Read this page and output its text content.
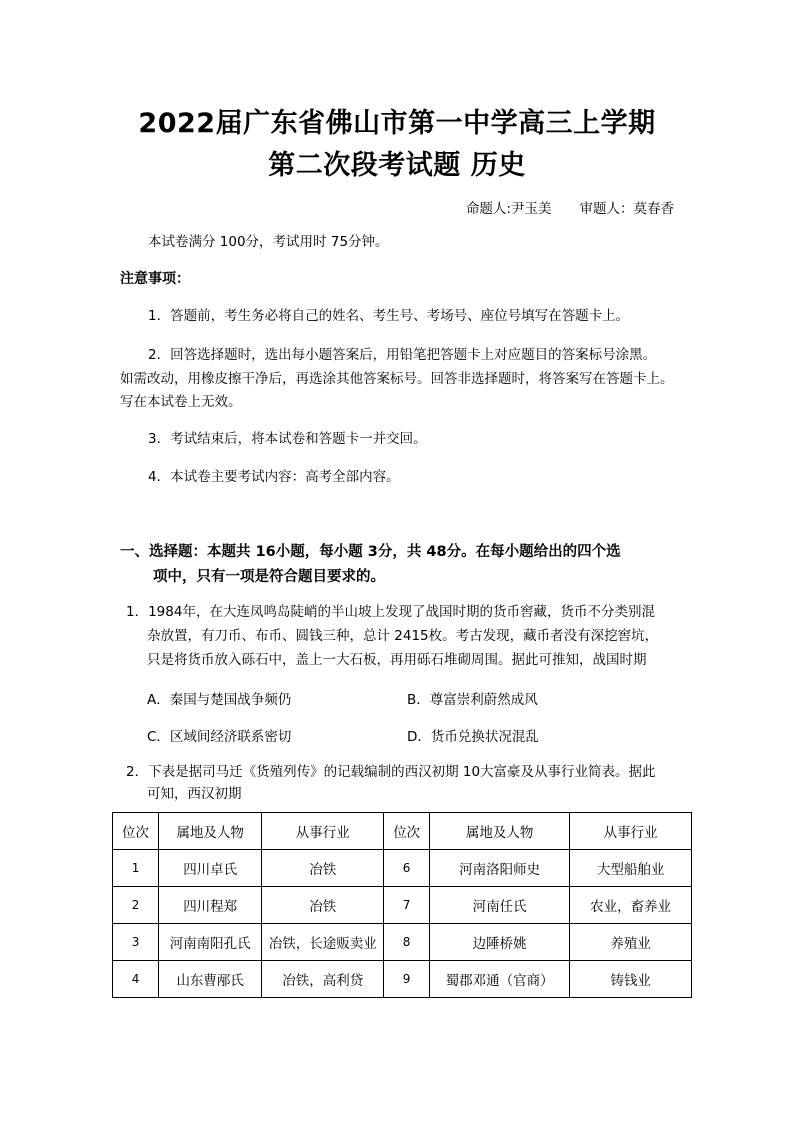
2022届广东省佛山市第一中学高三上学期
第二次段考试题 历史
命题人:尹玉美 审题人：莫春香
本试卷满分 100分，考试用时 75分钟。
注意事项：
1．答题前，考生务必将自己的姓名、考生号、考场号、座位号填写在答题卡上。
2．回答选择题时，选出每小题答案后，用铅笔把答题卡上对应题目的答案标号涂黑。
如需改动，用橡皮擦干净后，再选涂其他答案标号。回答非选择题时，将答案写在答题卡上。
写在本试卷上无效。
3．考试结束后，将本试卷和答题卡一并交回。
4．本试卷主要考试内容：高考全部内容。
一、选择题：本题共 16小题，每小题 3分，共 48分。在每小题给出的四个选
项中，只有一项是符合题目要求的。
1．1984年，在大连凤鸣岛陡峭的半山坡上发现了战国时期的货币窖藏，货币不分类别混
杂放置，有刀币、布币、圆钱三种，总计 2415枚。考古发现，藏币者没有深挖窖坑，
只是将货币放入砾石中，盖上一大石板，再用砾石堆砌周围。据此可推知，战国时期
A．秦国与楚国战争频仍	B．尊富崇利蔚然成风
C．区域间经济联系密切	D．货币兑换状况混乱
2．下表是据司马迁《货殖列传》的记载编制的西汉初期 10大富豪及从事行业简表。据此
可知，西汉初期
位次	属地及人物	从事行业	位次	属地及人物	从事行业
1	四川卓氏	冶铁	6	河南洛阳师史	大型船舶业
2	四川程郑	冶铁	7	河南任氏	农业，畜养业
3	河南南阳孔氏	冶铁，长途贩卖业	8	边陲桥姚	养殖业
4	山东曹邴氏	冶铁，高利贷	9	蜀郡邓通（官商）	铸钱业
